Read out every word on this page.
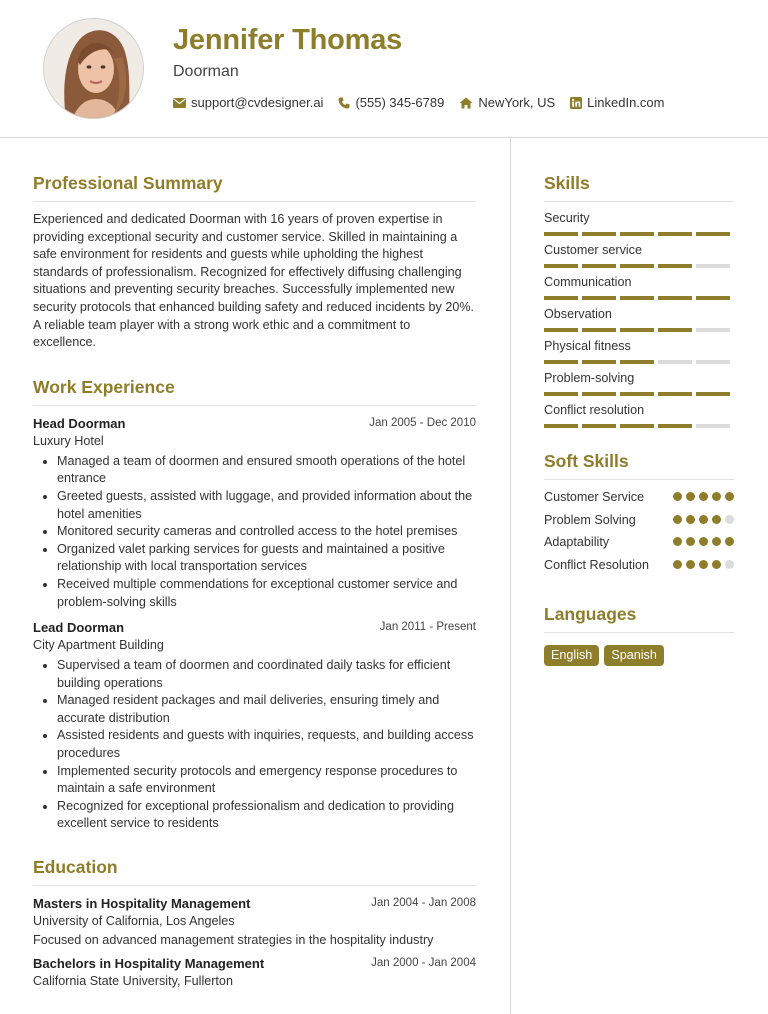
Jennifer Thomas
Doorman
support@cvdesigner.ai (555) 345-6789	NewYork, US LinkedIn.com
Professional Summary
Experienced and dedicated Doorman with 16 years of proven expertise in providing exceptional security and customer service. Skilled in maintaining a safe environment for residents and guests while upholding the highest standards of professionalism. Recognized for effectively diffusing challenging situations and preventing security breaches. Successfully implemented new security protocols that enhanced building safety and reduced incidents by 20%. A reliable team player with a strong work ethic and a commitment to excellence.
Work Experience
Head Doorman	Jan 2005 - Dec 2010
Luxury Hotel
Managed a team of doormen and ensured smooth operations of the hotel entrance
Greeted guests, assisted with luggage, and provided information about the hotel amenities
Monitored security cameras and controlled access to the hotel premises
Organized valet parking services for guests and maintained a positive relationship with local transportation services
Received multiple commendations for exceptional customer service and problem-solving skills
Lead Doorman	Jan 2011 - Present
City Apartment Building
Supervised a team of doormen and coordinated daily tasks for efficient building operations
Managed resident packages and mail deliveries, ensuring timely and accurate distribution
Assisted residents and guests with inquiries, requests, and building access procedures
Implemented security protocols and emergency response procedures to maintain a safe environment
Recognized for exceptional professionalism and dedication to providing excellent service to residents
Education
Masters in Hospitality Management	Jan 2004 - Jan 2008
University of California, Los Angeles
Focused on advanced management strategies in the hospitality industry
Bachelors in Hospitality Management	Jan 2000 - Jan 2004
California State University, Fullerton
Skills
Security
Customer service
Communication
Observation
Physical fitness
Problem-solving
Conflict resolution
Soft Skills
Customer Service
Problem Solving
Adaptability
Conflict Resolution
Languages
English	Spanish
